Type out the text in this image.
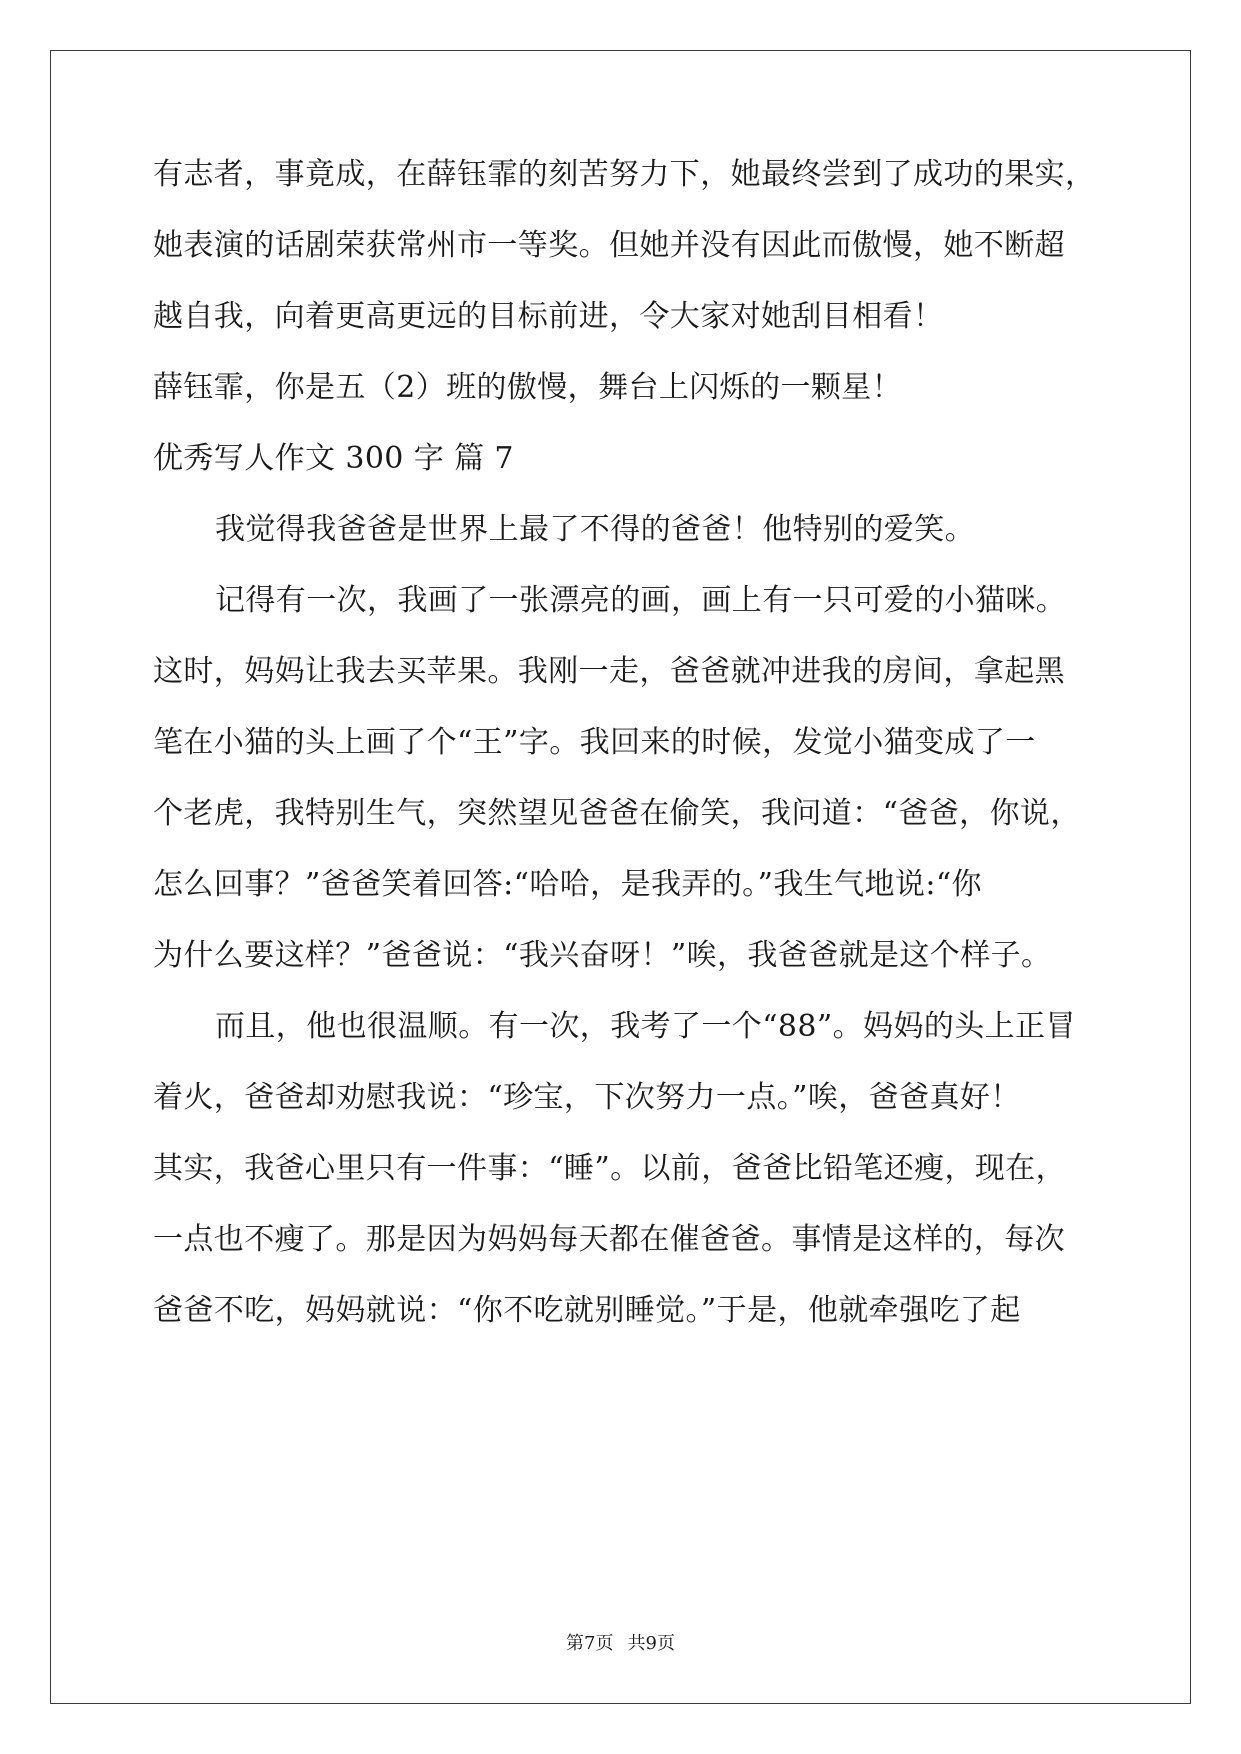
有志者，事竟成，在薛钰霏的刻苦努力下，她最终尝到了成功的果实，
她表演的话剧荣获常州市一等奖。但她并没有因此而傲慢，她不断超
越自我，向着更高更远的目标前进，令大家对她刮目相看！
薛钰霏，你是五（2）班的傲慢，舞台上闪烁的一颗星！
优秀写人作文 300 字 篇 7
我觉得我爸爸是世界上最了不得的爸爸！他特别的爱笑。
记得有一次，我画了一张漂亮的画，画上有一只可爱的小猫咪。
这时，妈妈让我去买苹果。我刚一走，爸爸就冲进我的房间，拿起黑
笔在小猫的头上画了个“王”字。我回来的时候，发觉小猫变成了一
个老虎，我特别生气，突然望见爸爸在偷笑，我问道：“爸爸，你说，
怎么回事？”爸爸笑着回答:“哈哈，是我弄的。”我生气地说:“你
为什么要这样？”爸爸说：“我兴奋呀！”唉，我爸爸就是这个样子。
而且，他也很温顺。有一次，我考了一个“88”。妈妈的头上正冒
着火，爸爸却劝慰我说：“珍宝，下次努力一点。”唉，爸爸真好！
其实，我爸心里只有一件事：“睡”。以前，爸爸比铅笔还瘦，现在，
一点也不瘦了。那是因为妈妈每天都在催爸爸。事情是这样的，每次
爸爸不吃，妈妈就说：“你不吃就别睡觉。”于是，他就牵强吃了起
第7页 共9页
